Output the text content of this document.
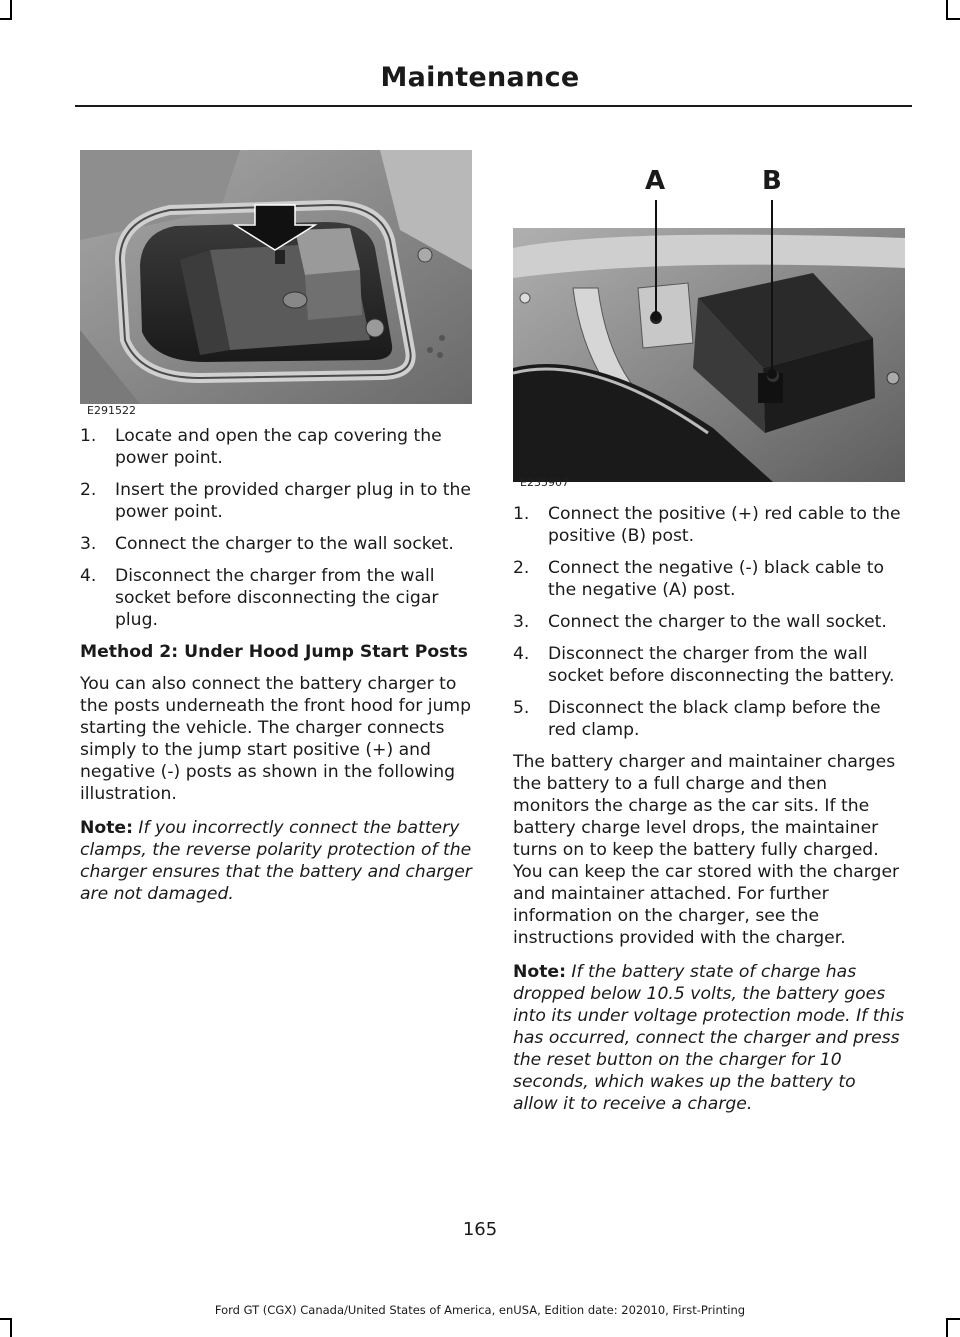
Maintenance
E291522
A	B
E235907
1. Locate and open the cap covering the power point.
2. Insert the provided charger plug in to the power point.
3. Connect the charger to the wall socket.
4. Disconnect the charger from the wall socket before disconnecting the cigar plug.

Method 2: Under Hood Jump Start Posts

You can also connect the battery charger to the posts underneath the front hood for jump starting the vehicle. The charger connects simply to the jump start positive (+) and negative (-) posts as shown in the following illustration.

Note: If you incorrectly connect the battery clamps, the reverse polarity protection of the charger ensures that the battery and charger are not damaged.

1. Connect the positive (+) red cable to the positive (B) post.
2. Connect the negative (-) black cable to the negative (A) post.
3. Connect the charger to the wall socket.
4. Disconnect the charger from the wall socket before disconnecting the battery.
5. Disconnect the black clamp before the red clamp.

The battery charger and maintainer charges the battery to a full charge and then monitors the charge as the car sits. If the battery charge level drops, the maintainer turns on to keep the battery fully charged. You can keep the car stored with the charger and maintainer attached. For further information on the charger, see the instructions provided with the charger.

Note: If the battery state of charge has dropped below 10.5 volts, the battery goes into its under voltage protection mode. If this has occurred, connect the charger and press the reset button on the charger for 10 seconds, which wakes up the battery to allow it to receive a charge.

165
Ford GT (CGX) Canada/United States of America, enUSA, Edition date: 202010, First-Printing
